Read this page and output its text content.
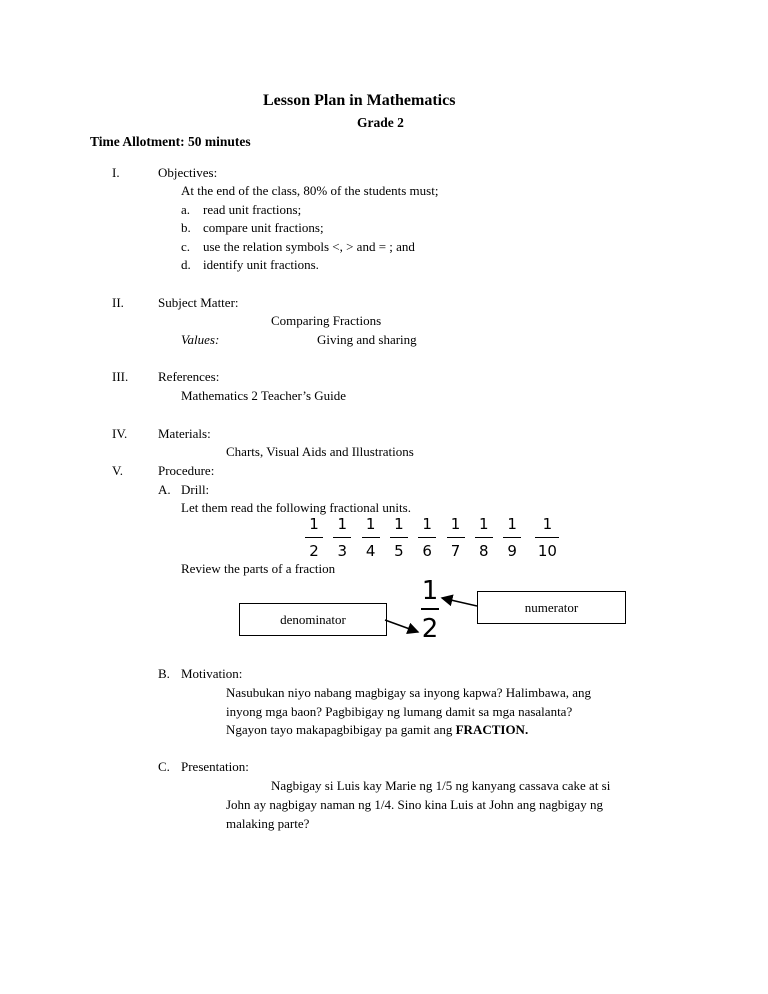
Lesson Plan in Mathematics
Grade 2
Time Allotment: 50 minutes
I.	Objectives:
At the end of the class, 80% of the students must;
a. read unit fractions;
b. compare unit fractions;
c. use the relation symbols <, > and = ; and
d. identify unit fractions.
II.	Subject Matter:
Comparing Fractions
Values:	Giving and sharing
III. References:
Mathematics 2 Teacher’s Guide
IV. Materials:
Charts, Visual Aids and Illustrations
V.	Procedure:
A. Drill:
Let them read the following fractional units.
1
2
1
3
1
4
1
5
1
6
1
7
1
8
1
9
1
10
Review the parts of a fraction
1
2
numerator
denominator
B. Motivation:
Nasubukan niyo nabang magbigay sa inyong kapwa? Halimbawa, ang
inyong mga baon? Pagbibigay ng lumang damit sa mga nasalanta?
Ngayon tayo makapagbibigay pa gamit ang FRACTION.
C. Presentation:
Nagbigay si Luis kay Marie ng 1/5 ng kanyang cassava cake at si
John ay nagbigay naman ng 1/4. Sino kina Luis at John ang nagbigay ng
malaking parte?
